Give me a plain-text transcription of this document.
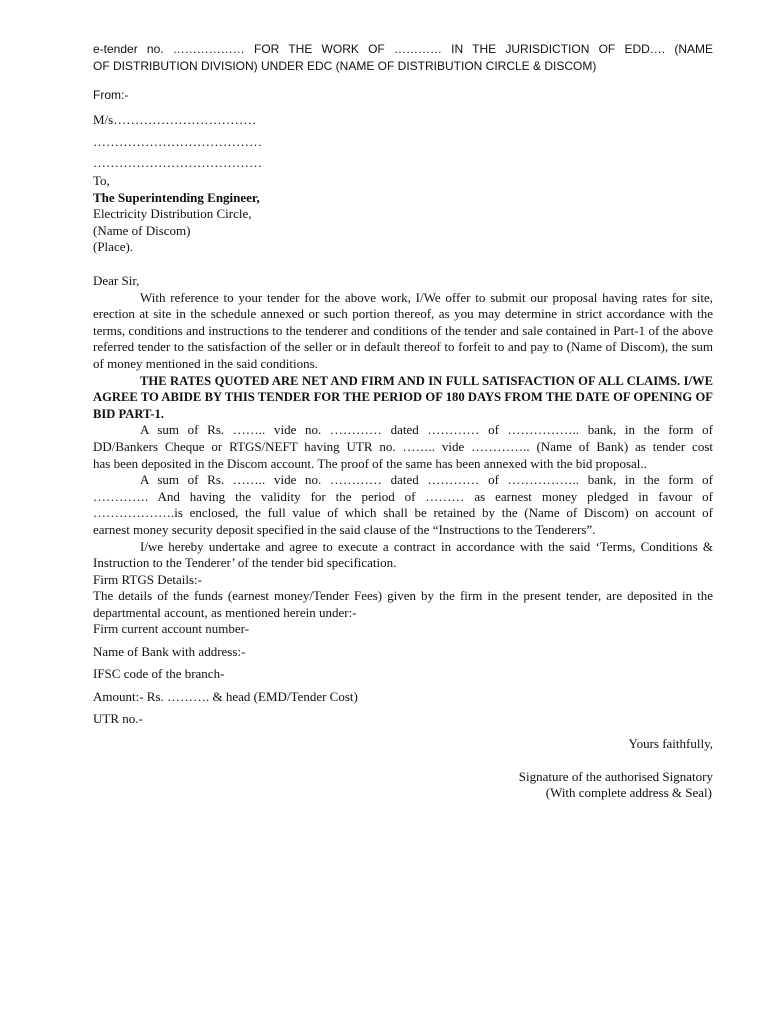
e-tender no. ……………… FOR THE WORK OF ………… IN THE JURISDICTION OF EDD…. (NAME
OF DISTRIBUTION DIVISION) UNDER EDC (NAME OF DISTRIBUTION CIRCLE & DISCOM)
From:-
M/s……………………………
…………………………………
…………………………………
To,
The Superintending Engineer,
Electricity Distribution Circle,
(Name of Discom)
(Place).
Dear Sir,

With reference to your tender for the above work, I/We offer to submit our proposal having rates for site, erection at site in the schedule annexed or such portion thereof, as you may determine in strict accordance with the terms, conditions and instructions to the tenderer and conditions of the tender and sale contained in Part-1 of the above referred tender to the satisfaction of the seller or in default thereof to forfeit to and pay to (Name of Discom), the sum of money mentioned in the said conditions.

THE RATES QUOTED ARE NET AND FIRM AND IN FULL SATISFACTION OF ALL CLAIMS. I/WE AGREE TO ABIDE BY THIS TENDER FOR THE PERIOD OF 180 DAYS FROM THE DATE OF OPENING OF BID PART-1.

A sum of Rs. …….. vide no. ………… dated ………… of …………….. bank, in the form of
DD/Bankers Cheque or RTGS/NEFT having UTR no. …….. vide ………….. (Name of Bank) as tender cost
has been deposited in the Discom account. The proof of the same has been annexed with the bid proposal..
A sum of Rs. …….. vide no. ………… dated ………… of …………….. bank, in the form of
…………. And having the validity for the period of ……… as earnest money pledged in favour of
……………….is enclosed, the full value of which shall be retained by the (Name of Discom) on account of
earnest money security deposit specified in the said clause of the “Instructions to the Tenderers”.

I/we hereby undertake and agree to execute a contract in accordance with the said ‘Terms, Conditions & Instruction to the Tenderer’ of the tender bid specification.

Firm RTGS Details:-

The details of the funds (earnest money/Tender Fees) given by the firm in the present tender, are deposited in the departmental account, as mentioned herein under:-

Firm current account number-
Name of Bank with address:-
IFSC code of the branch-
Amount:- Rs. ………. & head (EMD/Tender Cost)
UTR no.-
Yours faithfully,
Signature of the authorised Signatory
(With complete address & Seal)
